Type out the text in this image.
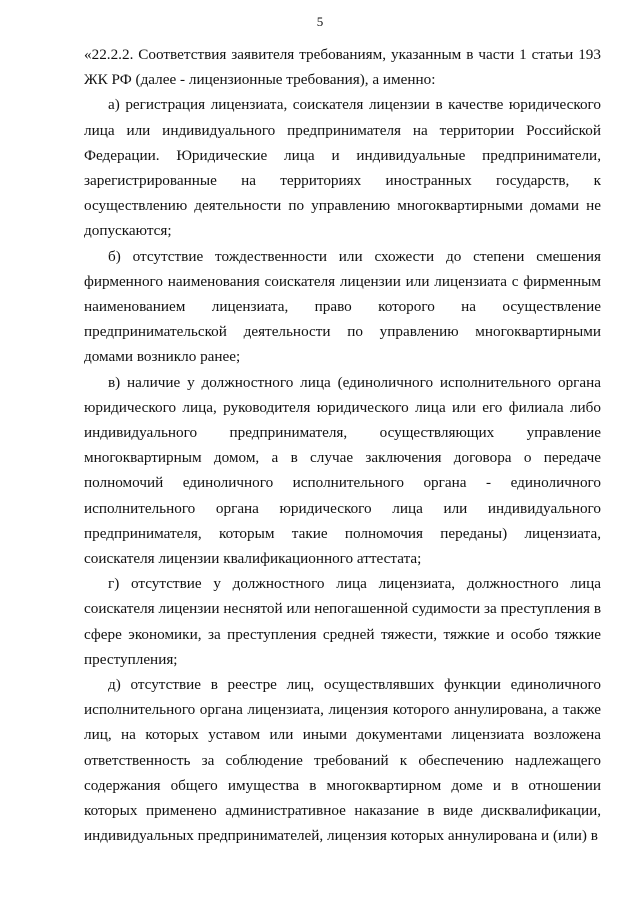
5

«22.2.2. Соответствия заявителя требованиям, указанным в части 1 статьи 193 ЖК РФ (далее - лицензионные требования), а именно:

а) регистрация лицензиата, соискателя лицензии в качестве юридического лица или индивидуального предпринимателя на территории Российской Федерации. Юридические лица и индивидуальные предприниматели, зарегистрированные на территориях иностранных государств, к осуществлению деятельности по управлению многоквартирными домами не допускаются;

б) отсутствие тождественности или схожести до степени смешения фирменного наименования соискателя лицензии или лицензиата с фирменным наименованием лицензиата, право которого на осуществление предпринимательской деятельности по управлению многоквартирными домами возникло ранее;

в) наличие у должностного лица (единоличного исполнительного органа юридического лица, руководителя юридического лица или его филиала либо индивидуального предпринимателя, осуществляющих управление многоквартирным домом, а в случае заключения договора о передаче полномочий единоличного исполнительного органа - единоличного исполнительного органа юридического лица или индивидуального предпринимателя, которым такие полномочия переданы) лицензиата, соискателя лицензии квалификационного аттестата;

г) отсутствие у должностного лица лицензиата, должностного лица соискателя лицензии неснятой или непогашенной судимости за преступления в сфере экономики, за преступления средней тяжести, тяжкие и особо тяжкие преступления;

д) отсутствие в реестре лиц, осуществлявших функции единоличного исполнительного органа лицензиата, лицензия которого аннулирована, а также лиц, на которых уставом или иными документами лицензиата возложена ответственность за соблюдение требований к обеспечению надлежащего содержания общего имущества в многоквартирном доме и в отношении которых применено административное наказание в виде дисквалификации, индивидуальных предпринимателей, лицензия которых аннулирована и (или) в
